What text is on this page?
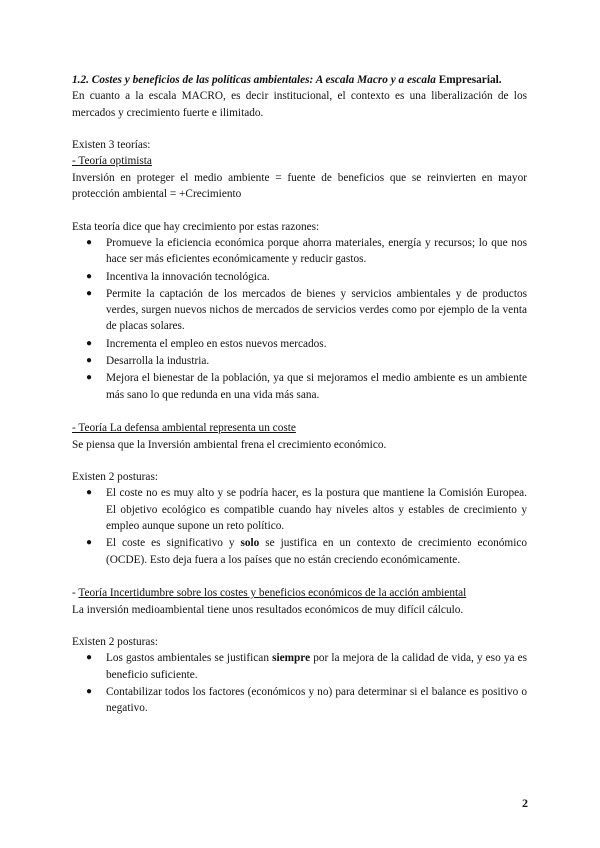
1.2. Costes y beneficios de las políticas ambientales: A escala Macro y a escala Empresarial.

En cuanto a la escala MACRO, es decir institucional, el contexto es una liberalización de los mercados y crecimiento fuerte e ilimitado.

Existen 3 teorías:

- Teoría optimista

Inversión en proteger el medio ambiente = fuente de beneficios que se reinvierten en mayor protección ambiental = +Crecimiento

Esta teoría dice que hay crecimiento por estas razones:

● Promueve la eficiencia económica porque ahorra materiales, energía y recursos; lo que nos hace ser más eficientes económicamente y reducir gastos.
● Incentiva la innovación tecnológica.
● Permite la captación de los mercados de bienes y servicios ambientales y de productos verdes, surgen nuevos nichos de mercados de servicios verdes como por ejemplo de la venta de placas solares.
● Incrementa el empleo en estos nuevos mercados.
● Desarrolla la industria.
● Mejora el bienestar de la población, ya que si mejoramos el medio ambiente es un ambiente más sano lo que redunda en una vida más sana.

- Teoría La defensa ambiental representa un coste

Se piensa que la Inversión ambiental frena el crecimiento económico.

Existen 2 posturas:

● El coste no es muy alto y se podría hacer, es la postura que mantiene la Comisión Europea. El objetivo ecológico es compatible cuando hay niveles altos y estables de crecimiento y empleo aunque supone un reto político.
● El coste es significativo y solo se justifica en un contexto de crecimiento económico (OCDE). Esto deja fuera a los países que no están creciendo económicamente.

- Teoría Incertidumbre sobre los costes y beneficios económicos de la acción ambiental

La inversión medioambiental tiene unos resultados económicos de muy difícil cálculo.

Existen 2 posturas:

● Los gastos ambientales se justifican siempre por la mejora de la calidad de vida, y eso ya es beneficio suficiente.
● Contabilizar todos los factores (económicos y no) para determinar si el balance es positivo o negativo.
2
